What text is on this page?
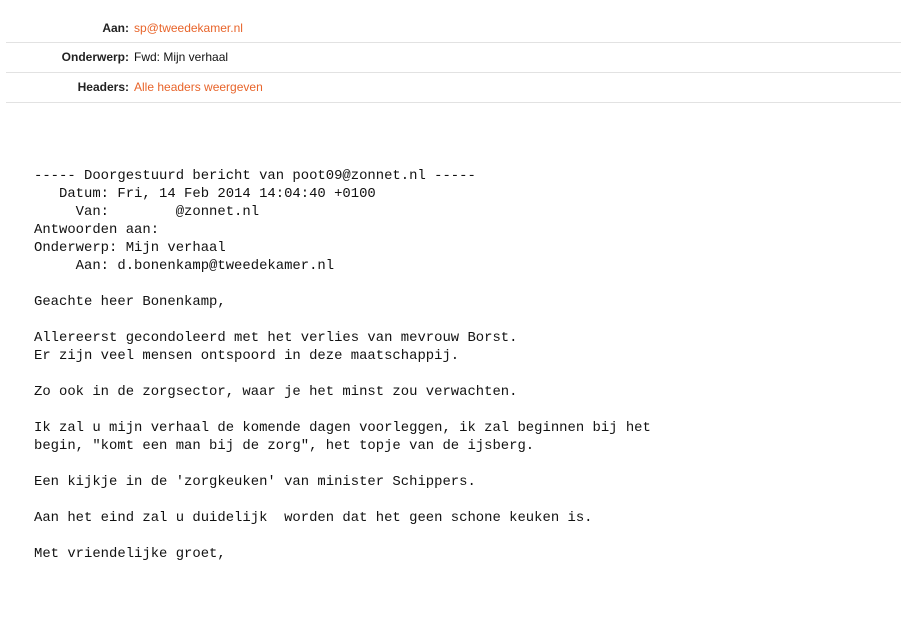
Aan: sp@tweedekamer.nl
Onderwerp: Fwd: Mijn verhaal
Headers: Alle headers weergeven
----- Doorgestuurd bericht van poot09@zonnet.nl -----
Datum: Fri, 14 Feb 2014 14:04:40 +0100
Van:        @zonnet.nl
Antwoorden aan:
Onderwerp: Mijn verhaal
Aan: d.bonenkamp@tweedekamer.nl
Geachte heer Bonenkamp,
Allereerst gecondoleerd met het verlies van mevrouw Borst.
Er zijn veel mensen ontspoord in deze maatschappij.
Zo ook in de zorgsector, waar je het minst zou verwachten.
Ik zal u mijn verhaal de komende dagen voorleggen, ik zal beginnen bij het
begin, "komt een man bij de zorg", het topje van de ijsberg.
Een kijkje in de 'zorgkeuken' van minister Schippers.
Aan het eind zal u duidelijk  worden dat het geen schone keuken is.
Met vriendelijke groet,
